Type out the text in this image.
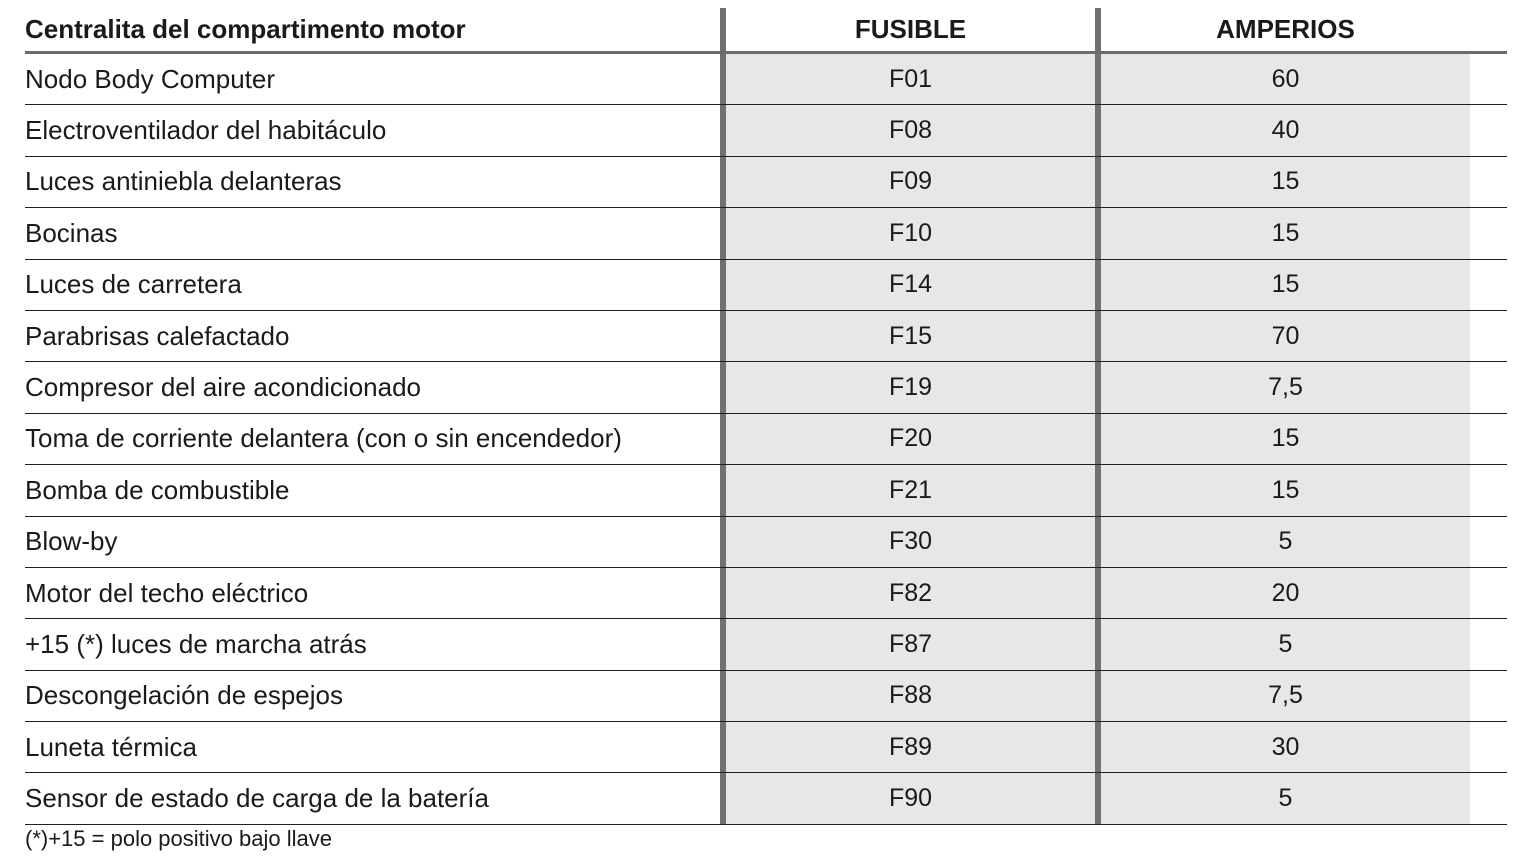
Centralita del compartimento motor	FUSIBLE	AMPERIOS
Nodo Body Computer	F01	60
Electroventilador del habitáculo	F08	40
Luces antiniebla delanteras	F09	15
Bocinas	F10	15
Luces de carretera	F14	15
Parabrisas calefactado	F15	70
Compresor del aire acondicionado	F19	7,5
Toma de corriente delantera (con o sin encendedor)	F20	15
Bomba de combustible	F21	15
Blow-by	F30	5
Motor del techo eléctrico	F82	20
+15 (*) luces de marcha atrás	F87	5
Descongelación de espejos	F88	7,5
Luneta térmica	F89	30
Sensor de estado de carga de la batería	F90	5
(*)+15 = polo positivo bajo llave
